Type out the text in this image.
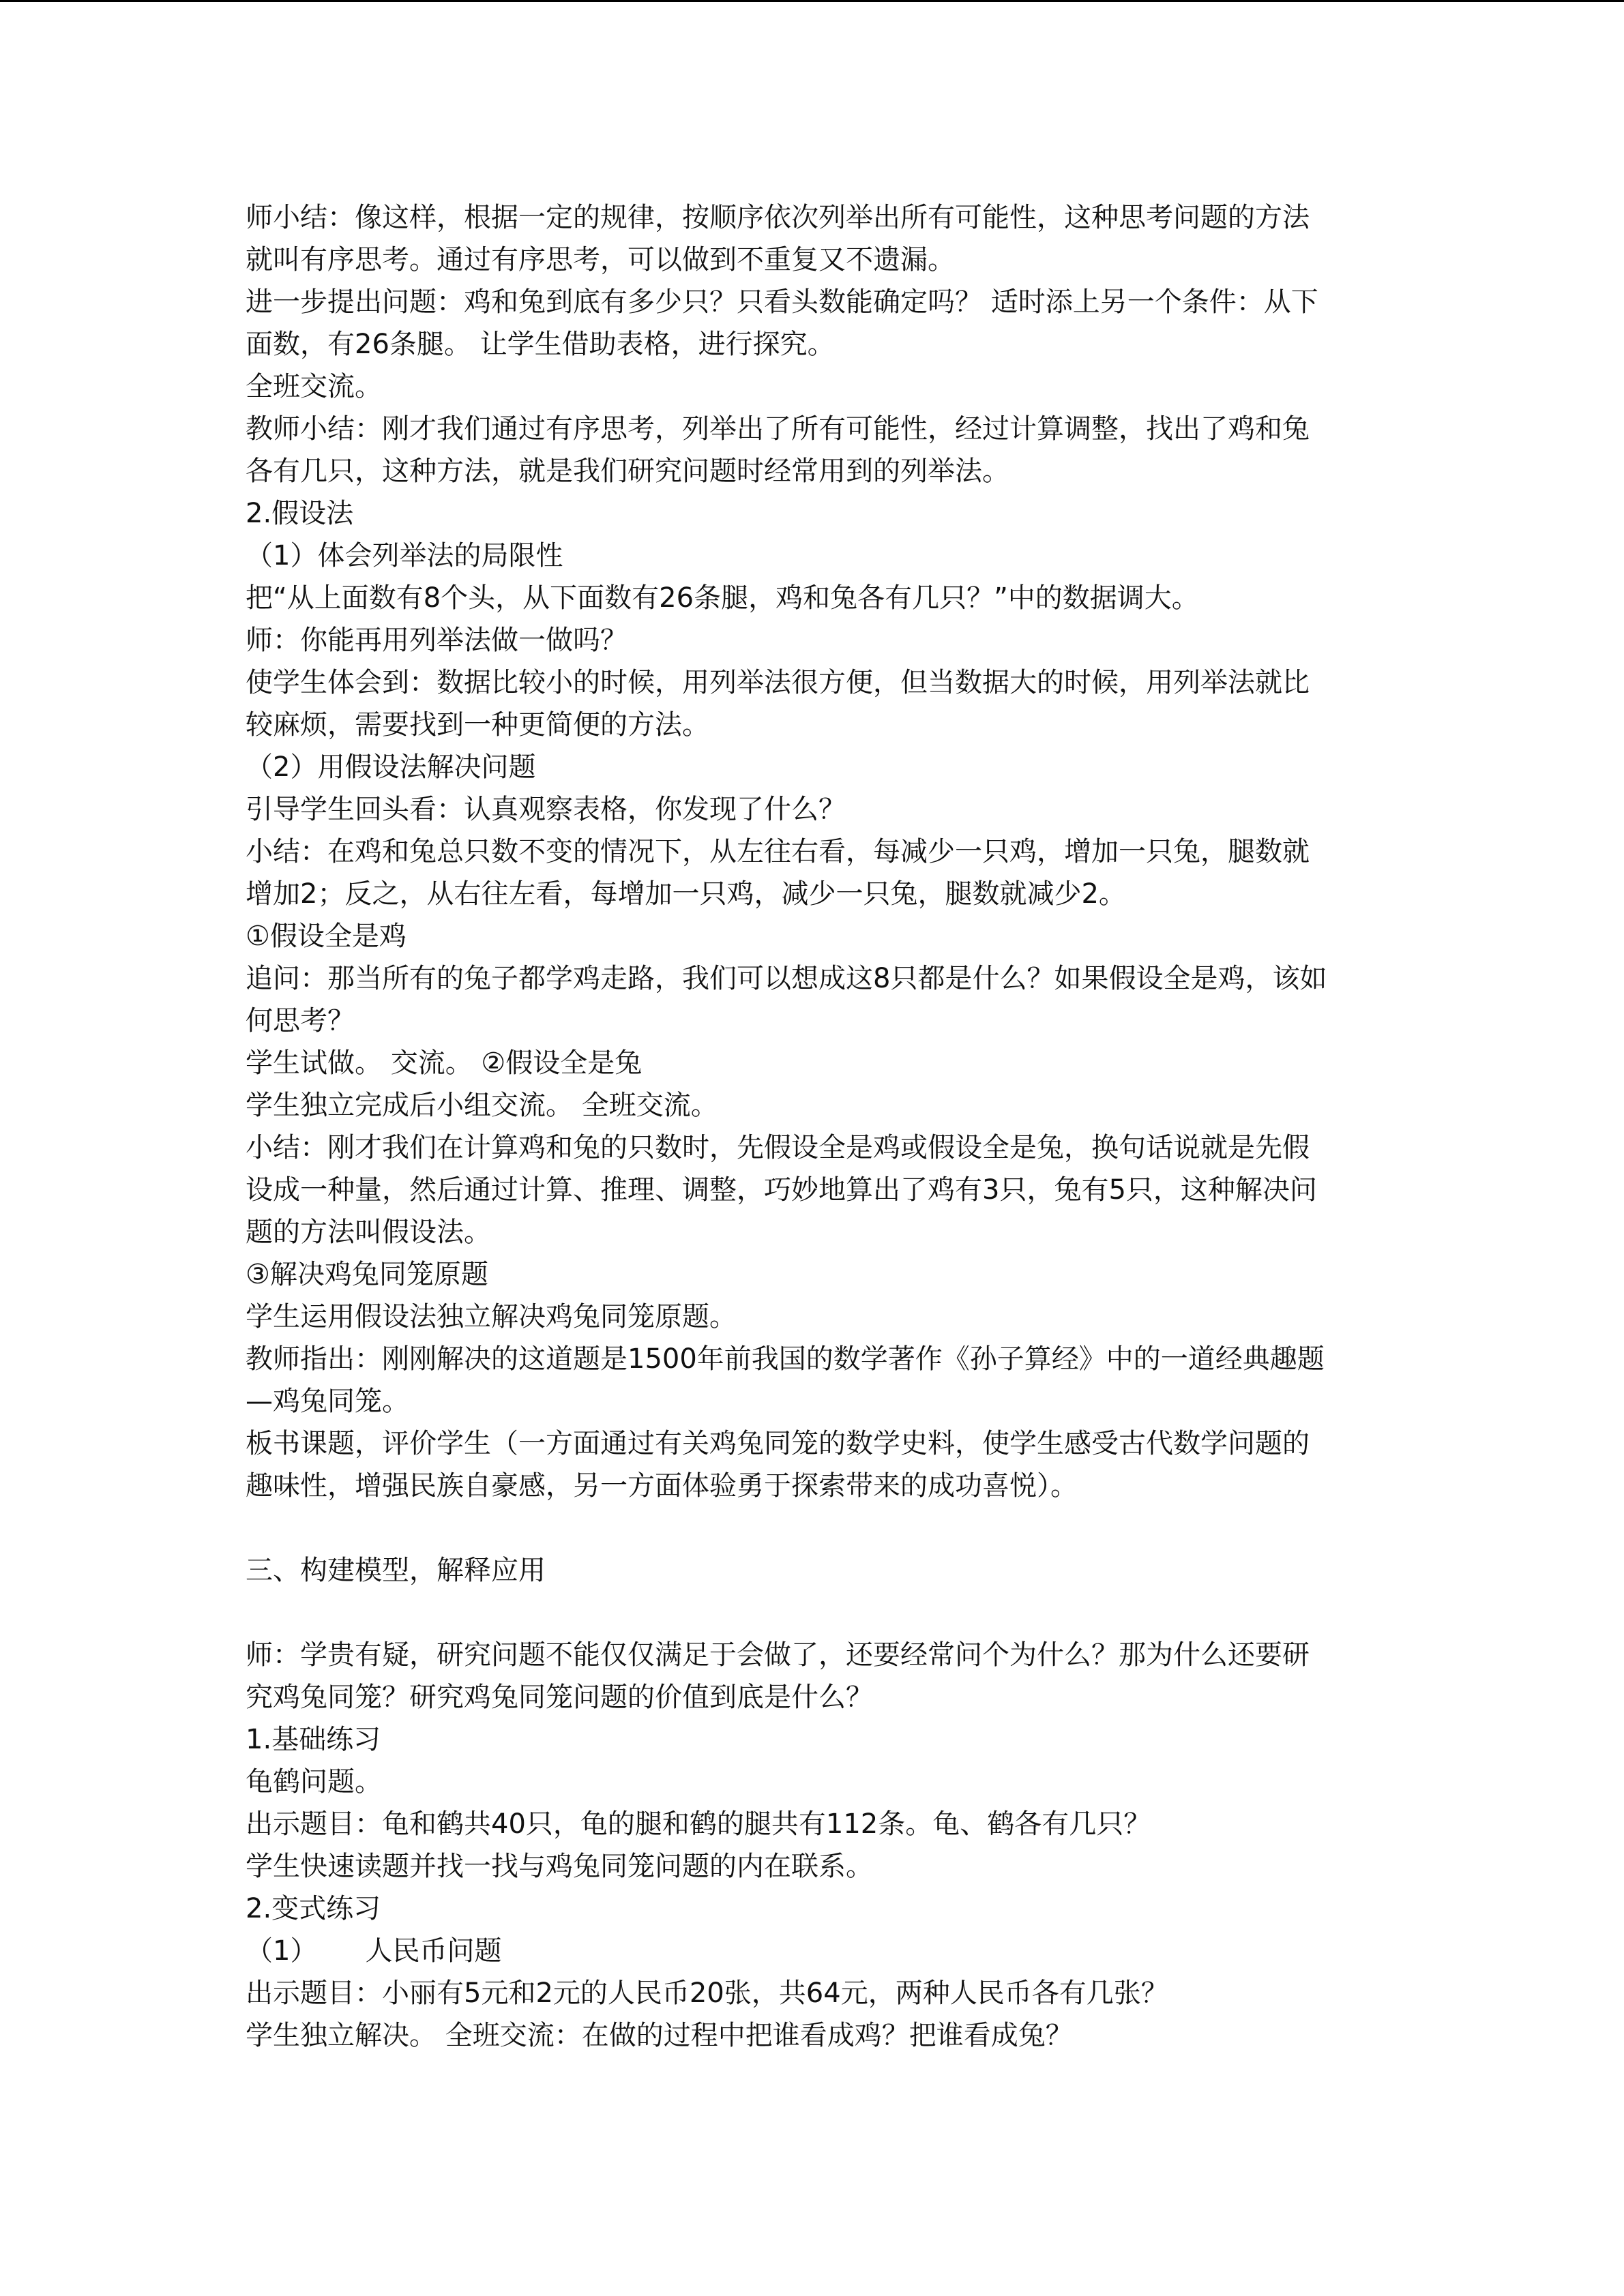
师小结：像这样，根据一定的规律，按顺序依次列举出所有可能性，这种思考问题的方法
就叫有序思考。通过有序思考，可以做到不重复又不遗漏。
进一步提出问题：鸡和兔到底有多少只？只看头数能确定吗？ 适时添上另一个条件：从下
面数，有26条腿。 让学生借助表格，进行探究。
全班交流。
教师小结：刚才我们通过有序思考，列举出了所有可能性，经过计算调整，找出了鸡和兔
各有几只，这种方法，就是我们研究问题时经常用到的列举法。
2.假设法
（1）体会列举法的局限性
把“从上面数有8个头，从下面数有26条腿，鸡和兔各有几只？”中的数据调大。
师：你能再用列举法做一做吗？
使学生体会到：数据比较小的时候，用列举法很方便，但当数据大的时候，用列举法就比
较麻烦，需要找到一种更简便的方法。
（2）用假设法解决问题
引导学生回头看：认真观察表格，你发现了什么？
小结：在鸡和兔总只数不变的情况下，从左往右看，每减少一只鸡，增加一只兔，腿数就
增加2；反之，从右往左看，每增加一只鸡，减少一只兔，腿数就减少2。
①假设全是鸡
追问：那当所有的兔子都学鸡走路，我们可以想成这8只都是什么？如果假设全是鸡，该如
何思考？
学生试做。 交流。 ②假设全是兔
学生独立完成后小组交流。 全班交流。
小结：刚才我们在计算鸡和兔的只数时，先假设全是鸡或假设全是兔，换句话说就是先假
设成一种量，然后通过计算、推理、调整，巧妙地算出了鸡有3只，兔有5只，这种解决问
题的方法叫假设法。
③解决鸡兔同笼原题
学生运用假设法独立解决鸡兔同笼原题。
教师指出：刚刚解决的这道题是1500年前我国的数学著作《孙子算经》中的一道经典趣题
—鸡兔同笼。
板书课题，评价学生（一方面通过有关鸡兔同笼的数学史料，使学生感受古代数学问题的
趣味性，增强民族自豪感，另一方面体验勇于探索带来的成功喜悦）。
三、构建模型，解释应用
师：学贵有疑，研究问题不能仅仅满足于会做了，还要经常问个为什么？那为什么还要研
究鸡兔同笼？研究鸡兔同笼问题的价值到底是什么？
1.基础练习
龟鹤问题。
出示题目：龟和鹤共40只，龟的腿和鹤的腿共有112条。龟、鹤各有几只？
学生快速读题并找一找与鸡兔同笼问题的内在联系。
2.变式练习
（1） 人民币问题
出示题目：小丽有5元和2元的人民币20张，共64元，两种人民币各有几张？
学生独立解决。 全班交流：在做的过程中把谁看成鸡？把谁看成兔？
